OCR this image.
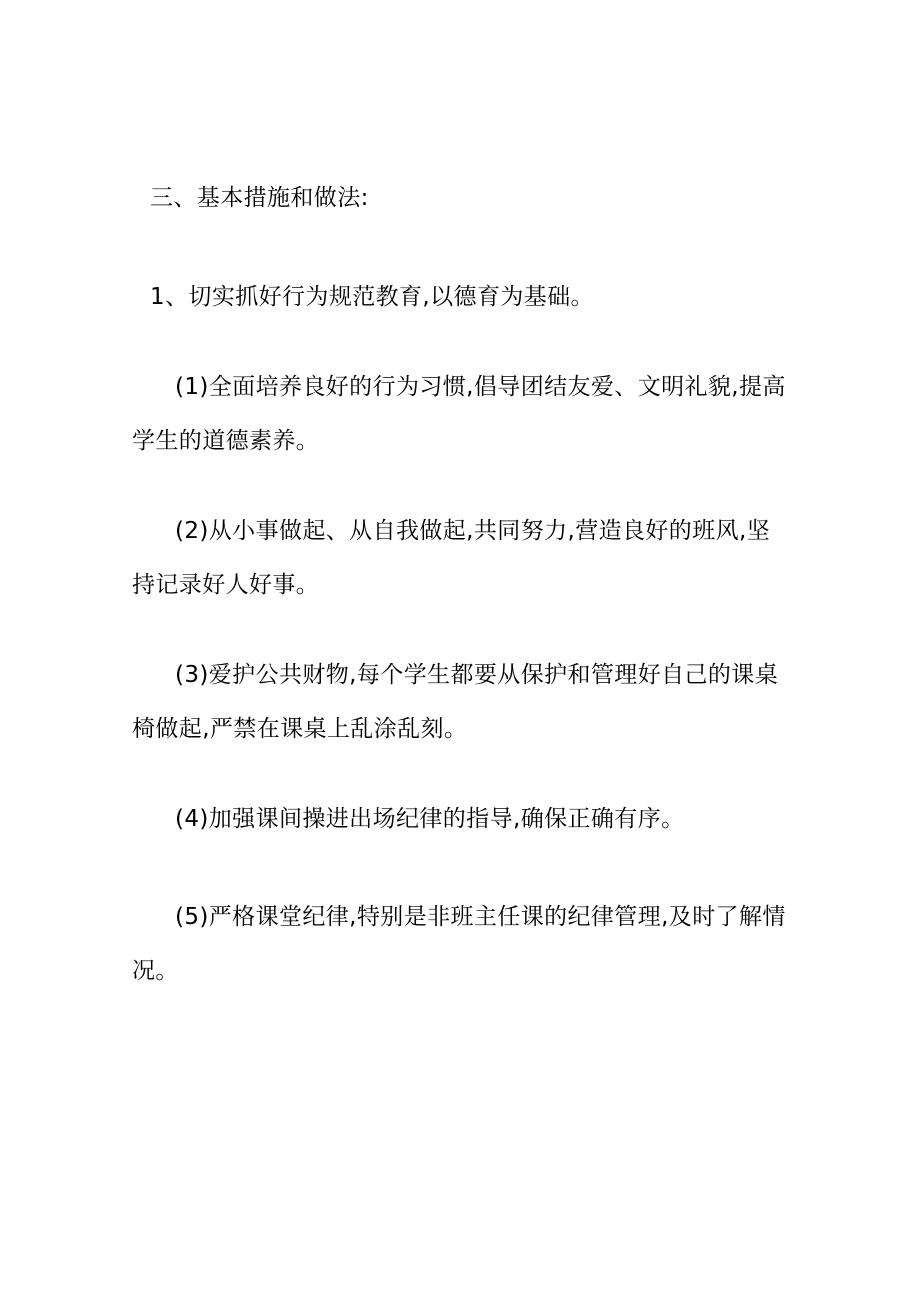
三、基本措施和做法:
1、切实抓好行为规范教育,以德育为基础。
(1)全面培养良好的行为习惯,倡导团结友爱、文明礼貌,提高
学生的道德素养。
(2)从小事做起、从自我做起,共同努力,营造良好的班风,坚
持记录好人好事。
(3)爱护公共财物,每个学生都要从保护和管理好自己的课桌
椅做起,严禁在课桌上乱涂乱刻。
(4)加强课间操进出场纪律的指导,确保正确有序。
(5)严格课堂纪律,特别是非班主任课的纪律管理,及时了解情
况。
